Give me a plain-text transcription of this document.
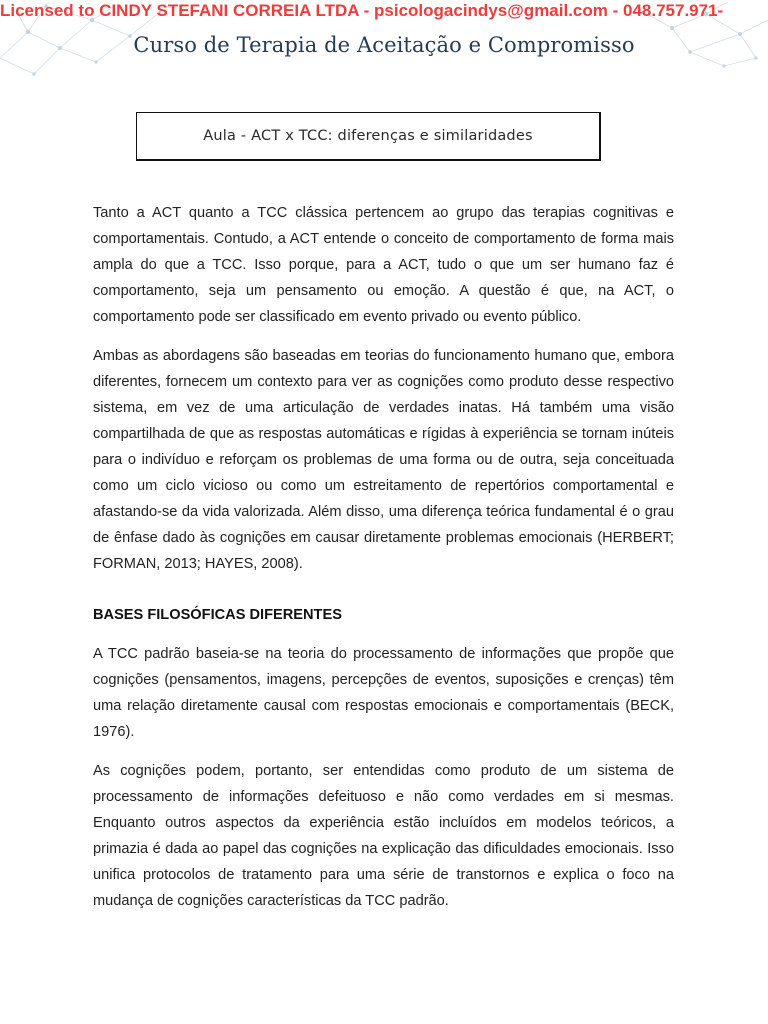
Licensed to CINDY STEFANI CORREIA LTDA - psicologacindys@gmail.com - 048.757.971-
Curso de Terapia de Aceitação e Compromisso
Aula - ACT x TCC: diferenças e similaridades

Tanto a ACT quanto a TCC clássica pertencem ao grupo das terapias cognitivas e comportamentais. Contudo, a ACT entende o conceito de comportamento de forma mais ampla do que a TCC. Isso porque, para a ACT, tudo o que um ser humano faz é comportamento, seja um pensamento ou emoção. A questão é que, na ACT, o comportamento pode ser classificado em evento privado ou evento público.

Ambas as abordagens são baseadas em teorias do funcionamento humano que, embora diferentes, fornecem um contexto para ver as cognições como produto desse respectivo sistema, em vez de uma articulação de verdades inatas. Há também uma visão compartilhada de que as respostas automáticas e rígidas à experiência se tornam inúteis para o indivíduo e reforçam os problemas de uma forma ou de outra, seja conceituada como um ciclo vicioso ou como um estreitamento de repertórios comportamental e afastando-se da vida valorizada. Além disso, uma diferença teórica fundamental é o grau de ênfase dado às cognições em causar diretamente problemas emocionais (HERBERT; FORMAN, 2013; HAYES, 2008).

BASES FILOSÓFICAS DIFERENTES

A TCC padrão baseia-se na teoria do processamento de informações que propõe que cognições (pensamentos, imagens, percepções de eventos, suposições e crenças) têm uma relação diretamente causal com respostas emocionais e comportamentais (BECK, 1976).

As cognições podem, portanto, ser entendidas como produto de um sistema de processamento de informações defeituoso e não como verdades em si mesmas. Enquanto outros aspectos da experiência estão incluídos em modelos teóricos, a primazia é dada ao papel das cognições na explicação das dificuldades emocionais. Isso unifica protocolos de tratamento para uma série de transtornos e explica o foco na mudança de cognições características da TCC padrão.
